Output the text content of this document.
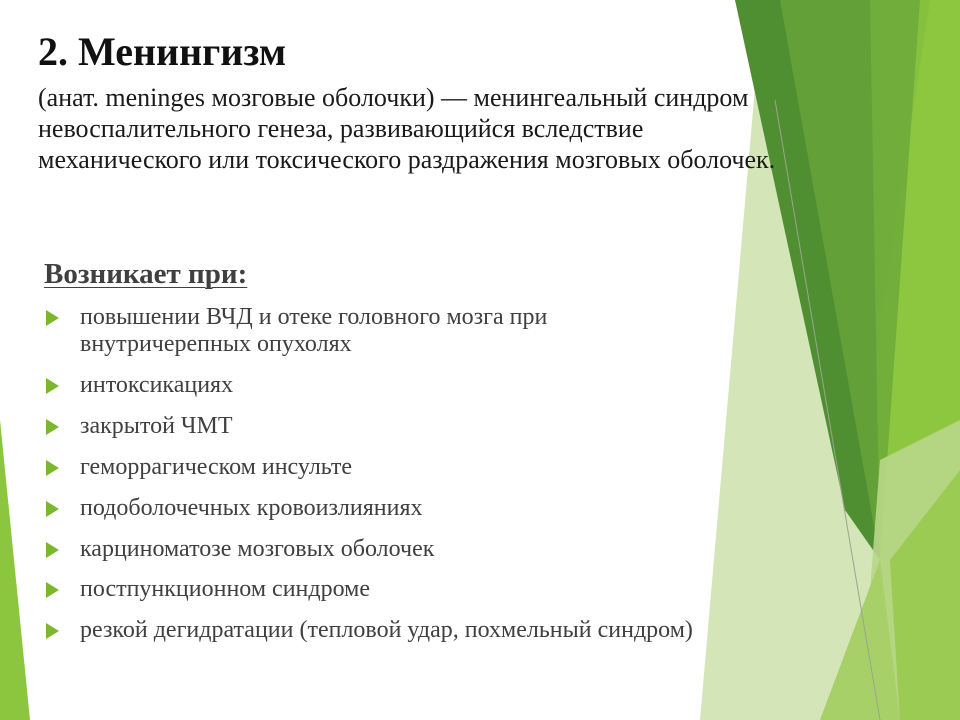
2. Менингизм
(анат. meninges мозговые оболочки) — менингеальный синдром
невоспалительного генеза, развивающийся вследствие
механического или токсического раздражения мозговых оболочек.
Возникает при:
повышении ВЧД и отеке головного мозга при
внутричерепных опухолях
интоксикациях
закрытой ЧМТ
геморрагическом инсульте
подоболочечных кровоизлияниях
карциноматозе мозговых оболочек
постпункционном синдроме
резкой дегидратации (тепловой удар, похмельный синдром)
